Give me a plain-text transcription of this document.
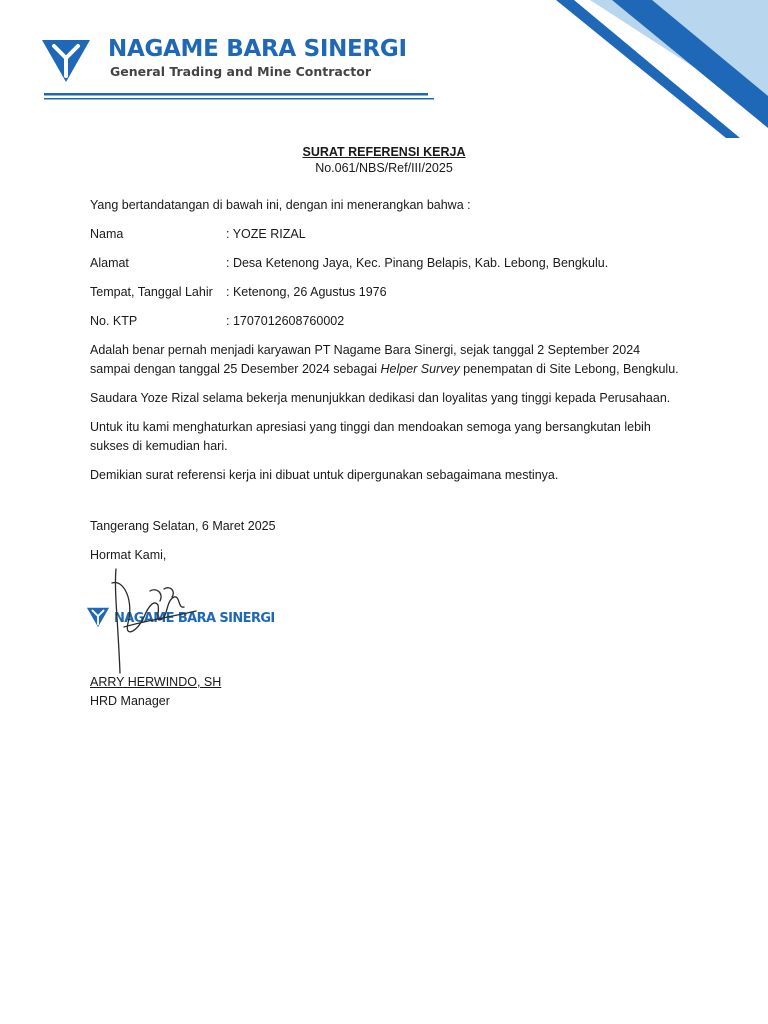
NAGAME BARA SINERGI

General Trading and Mine Contractor

SURAT REFERENSI KERJA

No.061/NBS/Ref/III/2025

Yang bertandatangan di bawah ini, dengan ini menerangkan bahwa :

Nama	: YOZE RIZAL
Alamat	: Desa Ketenong Jaya, Kec. Pinang Belapis, Kab. Lebong, Bengkulu.
Tempat, Tanggal Lahir	: Ketenong, 26 Agustus 1976
No. KTP	: 1707012608760002

Adalah benar pernah menjadi karyawan PT Nagame Bara Sinergi, sejak tanggal 2 September 2024
sampai dengan tanggal 25 Desember 2024 sebagai Helper Survey penempatan di Site Lebong, Bengkulu.

Saudara Yoze Rizal selama bekerja menunjukkan dedikasi dan loyalitas yang tinggi kepada Perusahaan.

Untuk itu kami menghaturkan apresiasi yang tinggi dan mendoakan semoga yang bersangkutan lebih
sukses di kemudian hari.

Demikian surat referensi kerja ini dibuat untuk dipergunakan sebagaimana mestinya.

Tangerang Selatan, 6 Maret 2025

Hormat Kami,

NAGAME BARA SINERGI

ARRY HERWINDO, SH

HRD Manager
